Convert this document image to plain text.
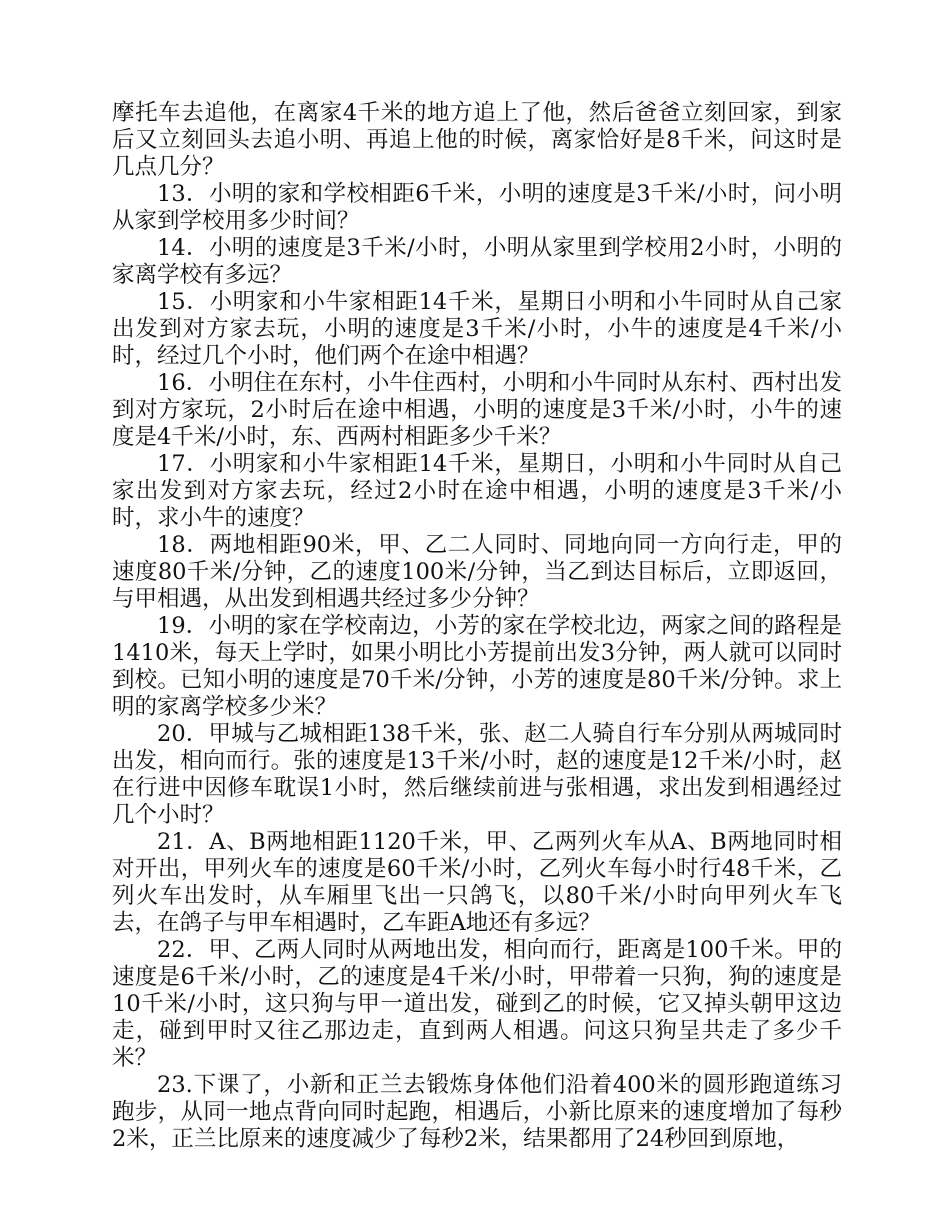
摩托车去追他，在离家4千米的地方追上了他，然后爸爸立刻回家，到家后又立刻回头去追小明、再追上他的时候，离家恰好是8千米，问这时是几点几分？

13．小明的家和学校相距6千米，小明的速度是3千米/小时，问小明从家到学校用多少时间？

14．小明的速度是3千米/小时，小明从家里到学校用2小时，小明的家离学校有多远？

15．小明家和小牛家相距14千米，星期日小明和小牛同时从自己家出发到对方家去玩，小明的速度是3千米/小时，小牛的速度是4千米/小时，经过几个小时，他们两个在途中相遇？

16．小明住在东村，小牛住西村，小明和小牛同时从东村、西村出发到对方家玩，2小时后在途中相遇，小明的速度是3千米/小时，小牛的速度是4千米/小时，东、西两村相距多少千米？

17．小明家和小牛家相距14千米，星期日，小明和小牛同时从自己家出发到对方家去玩，经过2小时在途中相遇，小明的速度是3千米/小时，求小牛的速度？

18．两地相距90米，甲、乙二人同时、同地向同一方向行走，甲的速度80千米/分钟，乙的速度100米/分钟，当乙到达目标后，立即返回，与甲相遇，从出发到相遇共经过多少分钟？

19．小明的家在学校南边，小芳的家在学校北边，两家之间的路程是1410米，每天上学时，如果小明比小芳提前出发3分钟，两人就可以同时到校。已知小明的速度是70千米/分钟，小芳的速度是80千米/分钟。求上明的家离学校多少米？

20．甲城与乙城相距138千米，张、赵二人骑自行车分别从两城同时出发，相向而行。张的速度是13千米/小时，赵的速度是12千米/小时，赵在行进中因修车耽误1小时，然后继续前进与张相遇，求出发到相遇经过几个小时？

21．A、B两地相距1120千米，甲、乙两列火车从A、B两地同时相对开出，甲列火车的速度是60千米/小时，乙列火车每小时行48千米，乙列火车出发时，从车厢里飞出一只鸽飞，以80千米/小时向甲列火车飞去，在鸽子与甲车相遇时，乙车距A地还有多远？

22．甲、乙两人同时从两地出发，相向而行，距离是100千米。甲的速度是6千米/小时，乙的速度是4千米/小时，甲带着一只狗，狗的速度是10千米/小时，这只狗与甲一道出发，碰到乙的时候，它又掉头朝甲这边走，碰到甲时又往乙那边走，直到两人相遇。问这只狗呈共走了多少千米？

23.下课了，小新和正兰去锻炼身体他们沿着400米的圆形跑道练习跑步，从同一地点背向同时起跑，相遇后，小新比原来的速度增加了每秒2米，正兰比原来的速度减少了每秒2米，结果都用了24秒回到原地，
